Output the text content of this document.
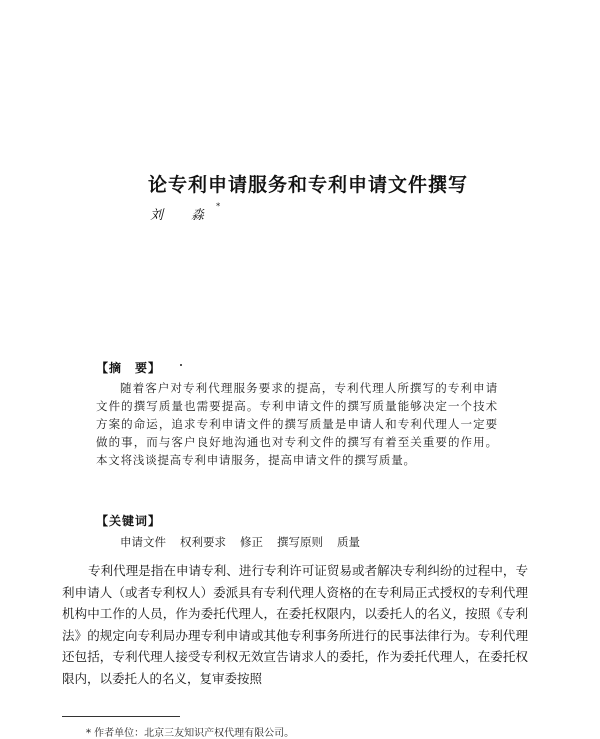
论专利申请服务和专利申请文件撰写
刘 淼*
【摘　要】

随着客户对专利代理服务要求的提高，专利代理人所撰写的专利申请文件的撰写质量也需要提高。专利申请文件的撰写质量能够决定一个技术方案的命运，追求专利申请文件的撰写质量是申请人和专利代理人一定要做的事，而与客户良好地沟通也对专利文件的撰写有着至关重要的作用。本文将浅谈提高专利申请服务，提高申请文件的撰写质量。

【关键词】
申请文件 权利要求 修正 撰写原则 质量

专利代理是指在申请专利、进行专利许可证贸易或者解决专利纠纷的过程中，专利申请人（或者专利权人）委派具有专利代理人资格的在专利局正式授权的专利代理机构中工作的人员，作为委托代理人，在委托权限内，以委托人的名义，按照《专利法》的规定向专利局办理专利申请或其他专利事务所进行的民事法律行为。专利代理还包括，专利代理人接受专利权无效宣告请求人的委托，作为委托代理人，在委托权限内，以委托人的名义，复审委按照

* 作者单位：北京三友知识产权代理有限公司。
